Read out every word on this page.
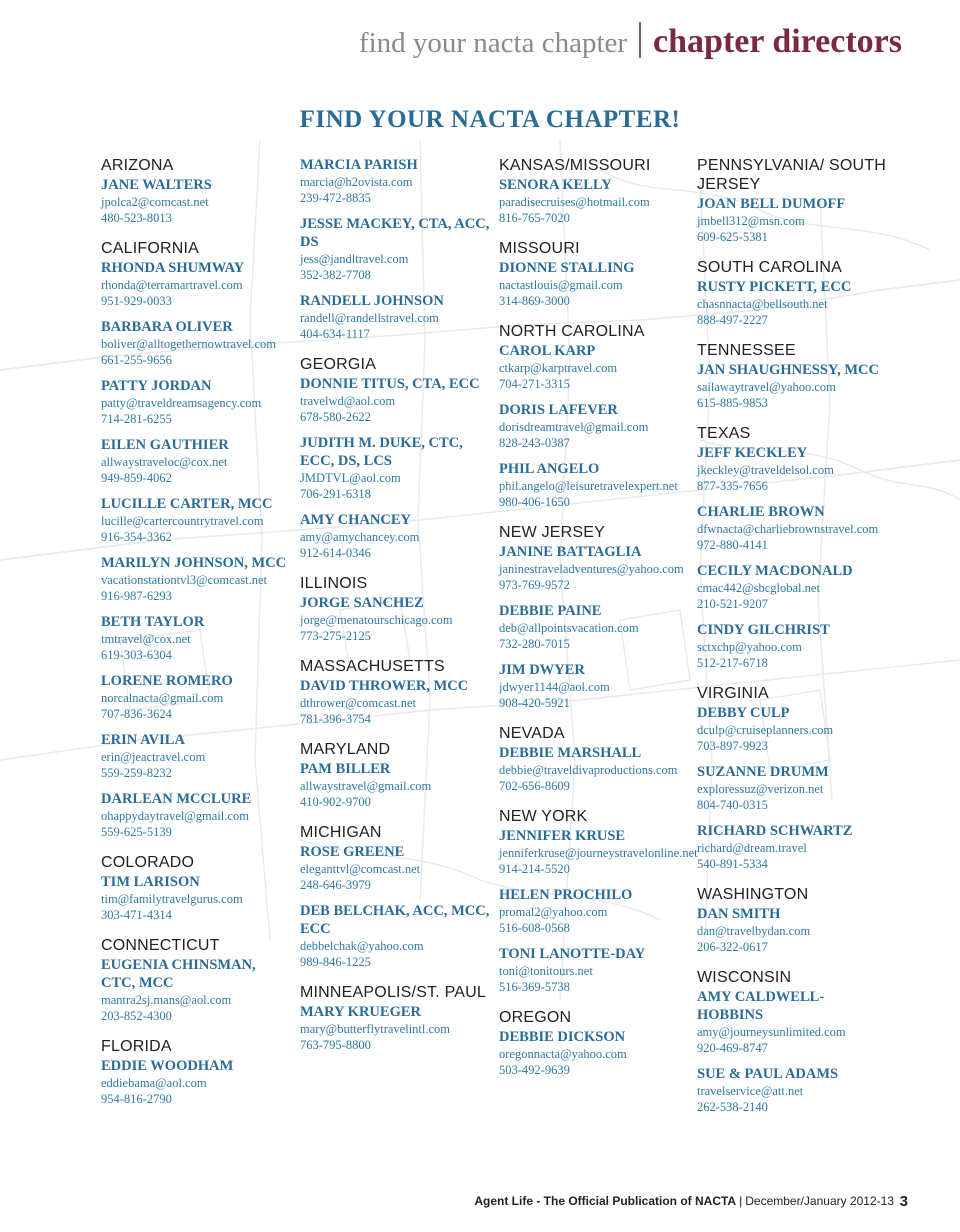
find your nacta chapter chapter directors
FIND YOUR NACTA CHAPTER!
ARIZONA
JANE WALTERS
jpolca2@comcast.net
480-523-8013
CALIFORNIA
RHONDA SHUMWAY
rhonda@terramartravel.com
951-929-0033
BARBARA OLIVER
boliver@alltogethernowtravel.com
661-255-9656
PATTY JORDAN
patty@traveldreamsagency.com
714-281-6255
EILEN GAUTHIER
allwaystraveloc@cox.net
949-859-4062
LUCILLE CARTER, MCC
lucille@cartercountrytravel.com
916-354-3362
MARILYN JOHNSON, MCC
vacationstationtvl3@comcast.net
916-987-6293
BETH TAYLOR
tmtravel@cox.net
619-303-6304
LORENE ROMERO
norcalnacta@gmail.com
707-836-3624
ERIN AVILA
erin@jeactravel.com
559-259-8232
DARLEAN MCCLURE
ohappydaytravel@gmail.com
559-625-5139
COLORADO
TIM LARISON
tim@familytravelgurus.com
303-471-4314
CONNECTICUT
EUGENIA CHINSMAN, CTC, MCC
mantra2sj.mans@aol.com
203-852-4300
FLORIDA
EDDIE WOODHAM
eddiebama@aol.com
954-816-2790
MARCIA PARISH
marcia@h2ovista.com
239-472-8835
JESSE MACKEY, CTA, ACC, DS
jess@jandltravel.com
352-382-7708
RANDELL JOHNSON
randell@randellstravel.com
404-634-1117
GEORGIA
DONNIE TITUS, CTA, ECC
travelwd@aol.com
678-580-2622
JUDITH M. DUKE, CTC, ECC, DS, LCS
JMDTVL@aol.com
706-291-6318
AMY CHANCEY
amy@amychancey.com
912-614-0346
ILLINOIS
JORGE SANCHEZ
jorge@menatourschicago.com
773-275-2125
MASSACHUSETTS
DAVID THROWER, MCC
dthrower@comcast.net
781-396-3754
MARYLAND
PAM BILLER
allwaystravel@gmail.com
410-902-9700
MICHIGAN
ROSE GREENE
eleganttvl@comcast.net
248-646-3979
DEB BELCHAK, ACC, MCC, ECC
debbelchak@yahoo.com
989-846-1225
MINNEAPOLIS/ST. PAUL
MARY KRUEGER
mary@butterflytravelintl.com
763-795-8800
KANSAS/MISSOURI
SENORA KELLY
paradisecruises@hotmail.com
816-765-7020
MISSOURI
DIONNE STALLING
nactastlouis@gmail.com
314-869-3000
NORTH CAROLINA
CAROL KARP
ctkarp@karptravel.com
704-271-3315
DORIS LAFEVER
dorisdreamtravel@gmail.com
828-243-0387
PHIL ANGELO
phil.angelo@leisuretravelexpert.net
980-406-1650
NEW JERSEY
JANINE BATTAGLIA
janinestraveladventures@yahoo.com
973-769-9572
DEBBIE PAINE
deb@allpointsvacation.com
732-280-7015
JIM DWYER
jdwyer1144@aol.com
908-420-5921
NEVADA
DEBBIE MARSHALL
debbie@traveldivaproductions.com
702-656-8609
NEW YORK
JENNIFER KRUSE
jenniferkruse@journeystravelonline.net
914-214-5520
HELEN PROCHILO
promal2@yahoo.com
516-608-0568
TONI LANOTTE-DAY
toni@tonitours.net
516-369-5738
OREGON
DEBBIE DICKSON
oregonnacta@yahoo.com
503-492-9639
PENNSYLVANIA/ SOUTH JERSEY
JOAN BELL DUMOFF
jmbell312@msn.com
609-625-5381
SOUTH CAROLINA
RUSTY PICKETT, ECC
chasnnacta@bellsouth.net
888-497-2227
TENNESSEE
JAN SHAUGHNESSY, MCC
sailawaytravel@yahoo.com
615-885-9853
TEXAS
JEFF KECKLEY
jkeckley@traveldelsol.com
877-335-7656
CHARLIE BROWN
dfwnacta@charliebrownstravel.com
972-880-4141
CECILY MACDONALD
cmac442@sbcglobal.net
210-521-9207
CINDY GILCHRIST
sctxchp@yahoo.com
512-217-6718
VIRGINIA
DEBBY CULP
dculp@cruiseplanners.com
703-897-9923
SUZANNE DRUMM
exploressuz@verizon.net
804-740-0315
RICHARD SCHWARTZ
richard@dream.travel
540-891-5334
WASHINGTON
DAN SMITH
dan@travelbydan.com
206-322-0617
WISCONSIN
AMY CALDWELL-HOBBINS
amy@journeysunlimited.com
920-469-8747
SUE & PAUL ADAMS
travelservice@att.net
262-538-2140
Agent Life - The Official Publication of NACTA | December/January 2012-13 3
